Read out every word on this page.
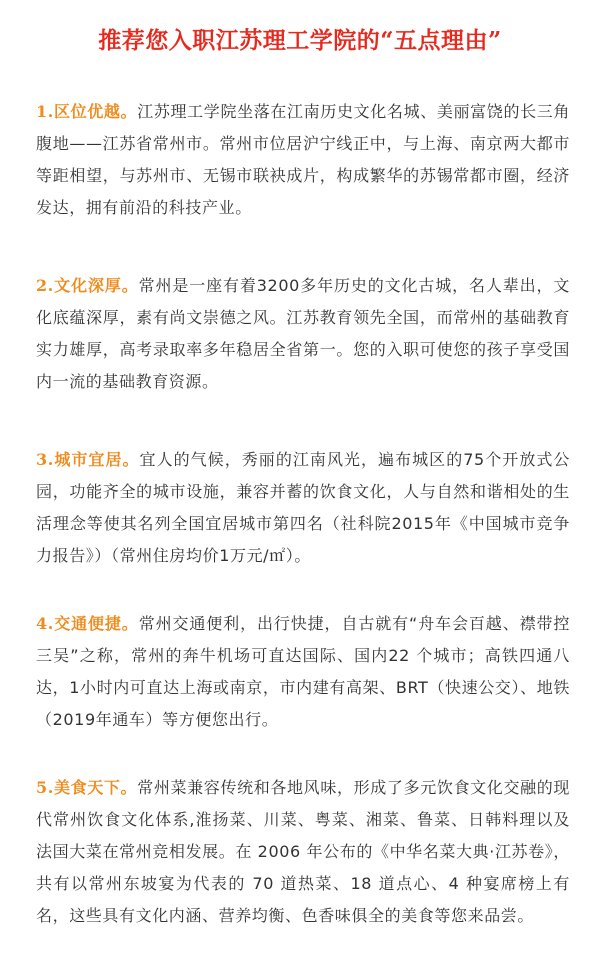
推荐您入职江苏理工学院的“五点理由”

1.区位优越。江苏理工学院坐落在江南历史文化名城、美丽富饶的长三角腹地——江苏省常州市。常州市位居沪宁线正中，与上海、南京两大都市等距相望，与苏州市、无锡市联袂成片，构成繁华的苏锡常都市圈，经济发达，拥有前沿的科技产业。

2.文化深厚。常州是一座有着3200多年历史的文化古城，名人辈出，文化底蕴深厚，素有尚文崇德之风。江苏教育领先全国，而常州的基础教育实力雄厚，高考录取率多年稳居全省第一。您的入职可使您的孩子享受国内一流的基础教育资源。

3.城市宜居。宜人的气候，秀丽的江南风光，遍布城区的75个开放式公园，功能齐全的城市设施，兼容并蓄的饮食文化，人与自然和谐相处的生活理念等使其名列全国宜居城市第四名（社科院2015年《中国城市竞争力报告》）（常州住房均价1万元/㎡）。

4.交通便捷。常州交通便利，出行快捷，自古就有“舟车会百越、襟带控三吴”之称，常州的奔牛机场可直达国际、国内22 个城市；高铁四通八达，1小时内可直达上海或南京，市内建有高架、BRT（快速公交）、地铁（2019年通车）等方便您出行。

5.美食天下。常州菜兼容传统和各地风味，形成了多元饮食文化交融的现代常州饮食文化体系,淮扬菜、川菜、粤菜、湘菜、鲁菜、日韩料理以及法国大菜在常州竞相发展。在 2006 年公布的《中华名菜大典·江苏卷》，共有以常州东坡宴为代表的 70 道热菜、18 道点心、4 种宴席榜上有名，这些具有文化内涵、营养均衡、色香味俱全的美食等您来品尝。
